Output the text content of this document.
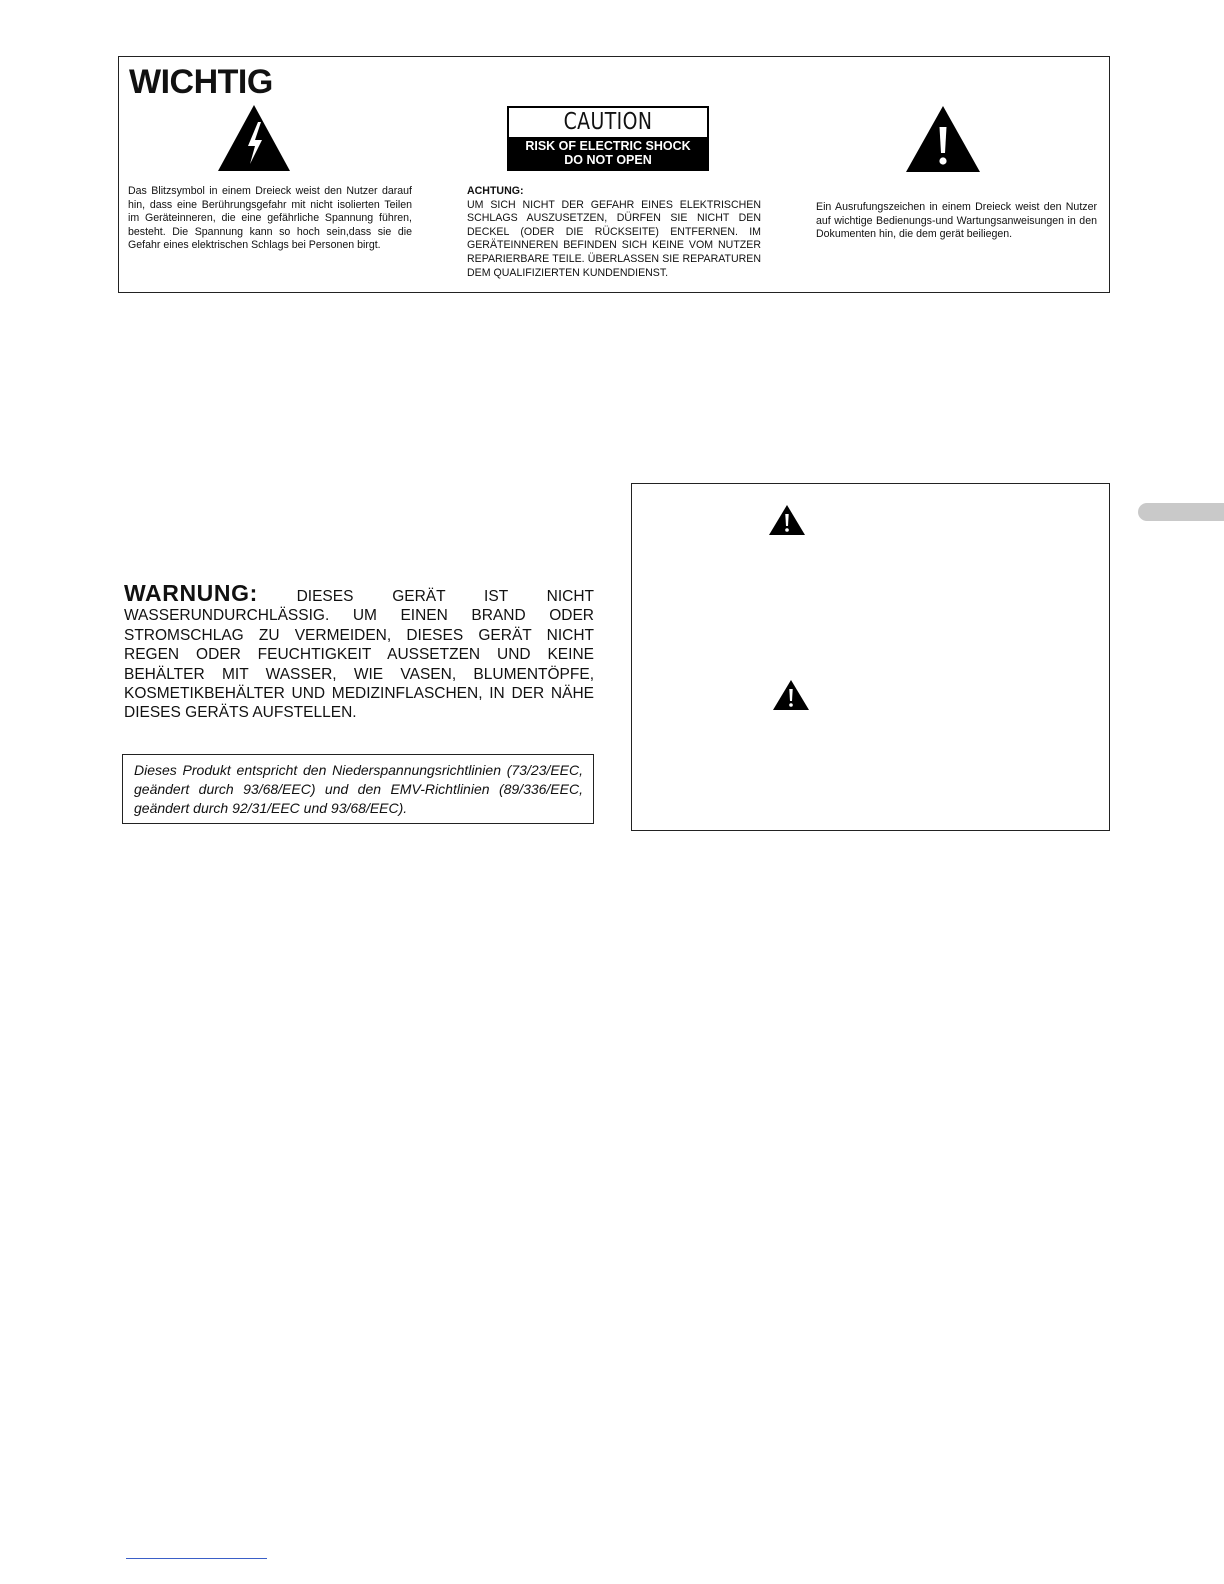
WICHTIG
CAUTION
RISK OF ELECTRIC SHOCK
DO NOT OPEN

Das Blitzsymbol in einem Dreieck weist den Nutzer darauf hin, dass eine Berührungsgefahr mit nicht isolierten Teilen im Geräteinneren, die eine gefährliche Spannung führen, besteht. Die Spannung kann so hoch sein,dass sie die Gefahr eines elektrischen Schlags bei Personen birgt.

ACHTUNG:
UM SICH NICHT DER GEFAHR EINES ELEKTRISCHEN SCHLAGS AUSZUSETZEN, DÜRFEN SIE NICHT DEN DECKEL (ODER DIE RÜCKSEITE) ENTFERNEN. IM GERÄTEINNEREN BEFINDEN SICH KEINE VOM NUTZER REPARIERBARE TEILE. ÜBERLASSEN SIE REPARATUREN DEM QUALIFIZIERTEN KUNDENDIENST.

Ein Ausrufungszeichen in einem Dreieck weist den Nutzer auf wichtige Bedienungs-und Wartungsanweisungen in den Dokumenten hin, die dem gerät beiliegen.

WARNUNG:	DIESES GERÄT IST NICHT WASSERUNDURCHLÄSSIG. UM EINEN BRAND ODER STROMSCHLAG ZU VERMEIDEN, DIESES GERÄT NICHT REGEN ODER FEUCHTIGKEIT AUSSETZEN UND KEINE BEHÄLTER MIT WASSER, WIE VASEN, BLUMENTÖPFE, KOSMETIKBEHÄLTER UND MEDIZINFLASCHEN, IN DER NÄHE DIESES GERÄTS AUFSTELLEN.

Dieses Produkt entspricht den Niederspannungsrichtlinien (73/23/EEC, geändert durch 93/68/EEC) und den EMV-Richtlinien (89/336/EEC, geändert durch 92/31/EEC und 93/68/EEC).
